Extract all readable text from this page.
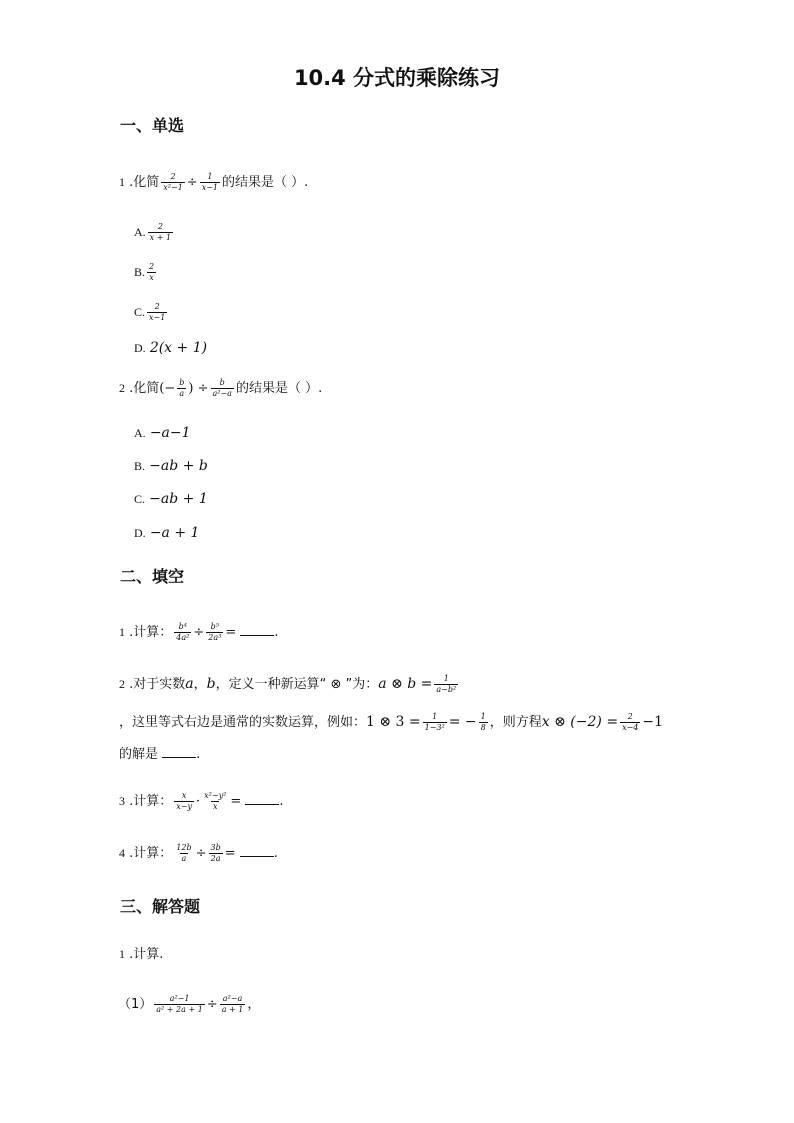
10.4 分式的乘除练习
一、单选
1 .化简 $\frac{2}{\text{x²−1}} \div \frac{1}{x-1}$ 的结果是（ ）.
A. $\frac{2}{x + 1}$
B. $\frac{2}{x}$
C. $\frac{2}{x-1}$
D. 2(x + 1)
2 .化简(− $\frac{b}{a}$ ) ÷ $\frac{b}{\text{a²−a}}$ 的结果是（ ）.
A. −a−1
B. −ab + b
C. −ab + 1
D. −a + 1
二、填空
1 .计算： $\frac{\text{b⁴}}{\text{4a²}} \div \frac{\text{b⁵}}{\text{2a³}}$ =	.
2 .对于实数a，b，定义一种新运算“ ⊗ ”为：a ⊗ $b = \frac{1}{\text{a−b²}}$
，这里等式右边是通常的实数运算，例如：1 ⊗ $3 = \frac{1}{\text{1−3²}}$ = − $\frac{1}{8}$ ，则方程x ⊗ $(-2) = \frac{2}{x-4} -1$
的解是	.
3 .计算： $\frac{x}{x-y} \cdot \frac{\text{x²−y²}}{x}$ =	.
4 .计算： $\frac{12b}{a} \div \frac{3b}{2a}$ =	.
三、解答题
1 .计算.
$(1) \frac{\text{a²−1}}{\text{a² + 2a + 1}} \div \frac{\text{a²−a}}{a + 1}$ ，
